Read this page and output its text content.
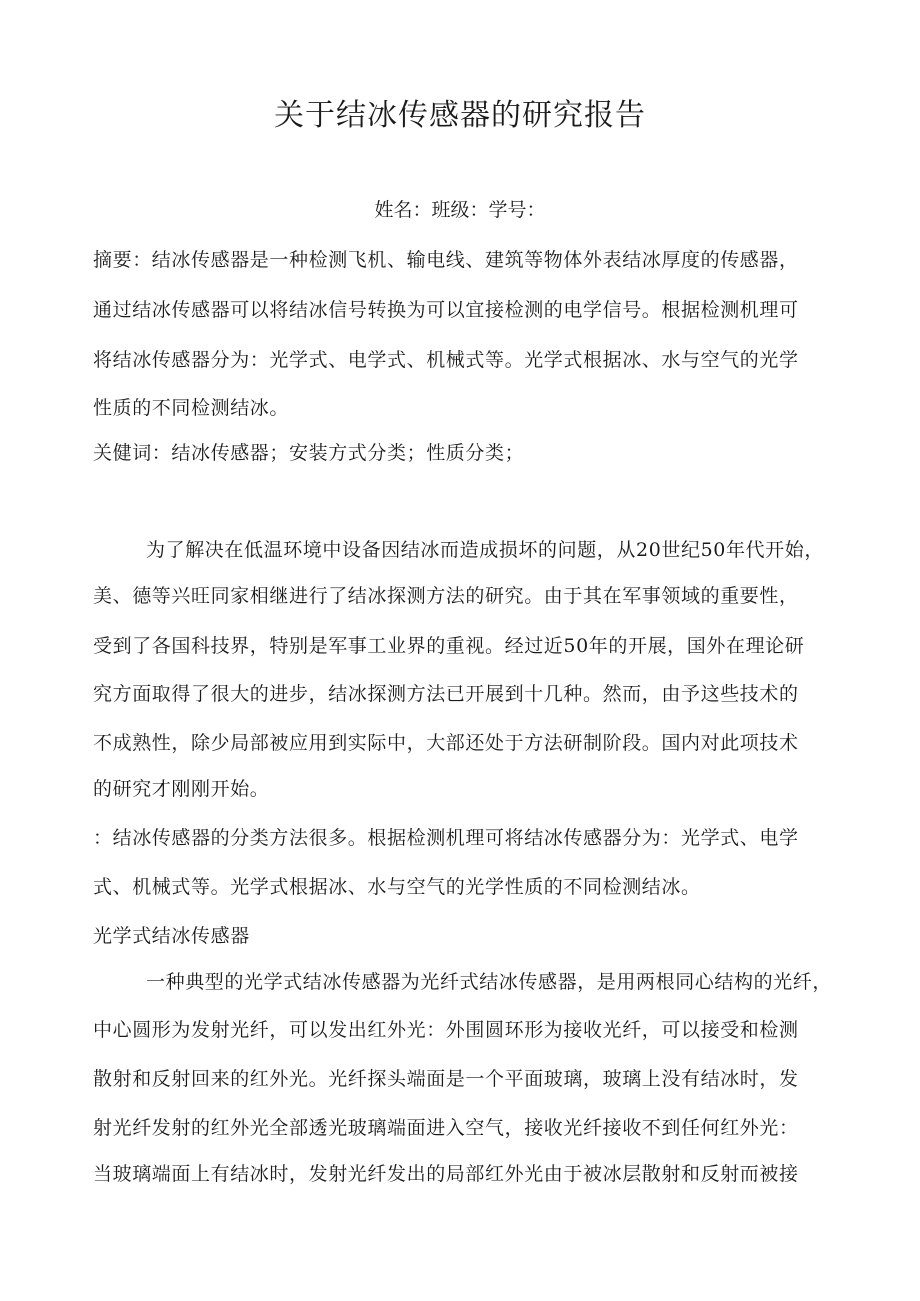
关于结冰传感器的研究报告
姓名：班级：学号：
摘要：结冰传感器是一种检测飞机、输电线、建筑等物体外表结冰厚度的传感器，
通过结冰传感器可以将结冰信号转换为可以宜接检测的电学信号。根据检测机理可
将结冰传感器分为：光学式、电学式、机械式等。光学式根据冰、水与空气的光学
性质的不同检测结冰。
关健词：结冰传感器；安装方式分类；性质分类；
为了解决在低温环境中设备因结冰而造成损坏的问题，从20世纪50年代开始，
美、德等兴旺同家相继进行了结冰探测方法的研究。由于其在军事领域的重要性，
受到了各国科技界，特别是军事工业界的重视。经过近50年的开展，国外在理论研
究方面取得了很大的进步，结冰探测方法已开展到十几种。然而，由予这些技术的
不成熟性，除少局部被应用到实际中，大部还处于方法研制阶段。国内对此项技术
的研究才刚刚开始。
：结冰传感器的分类方法很多。根据检测机理可将结冰传感器分为：光学式、电学
式、机械式等。光学式根据冰、水与空气的光学性质的不同检测结冰。
光学式结冰传感器
一种典型的光学式结冰传感器为光纤式结冰传感器，是用两根同心结构的光纤，
中心圆形为发射光纤，可以发出红外光：外围圆环形为接收光纤，可以接受和检测
散射和反射回来的红外光。光纤探头端面是一个平面玻璃，玻璃上没有结冰时，发
射光纤发射的红外光全部透光玻璃端面进入空气，接收光纤接收不到任何红外光：
当玻璃端面上有结冰时，发射光纤发出的局部红外光由于被冰层散射和反射而被接
